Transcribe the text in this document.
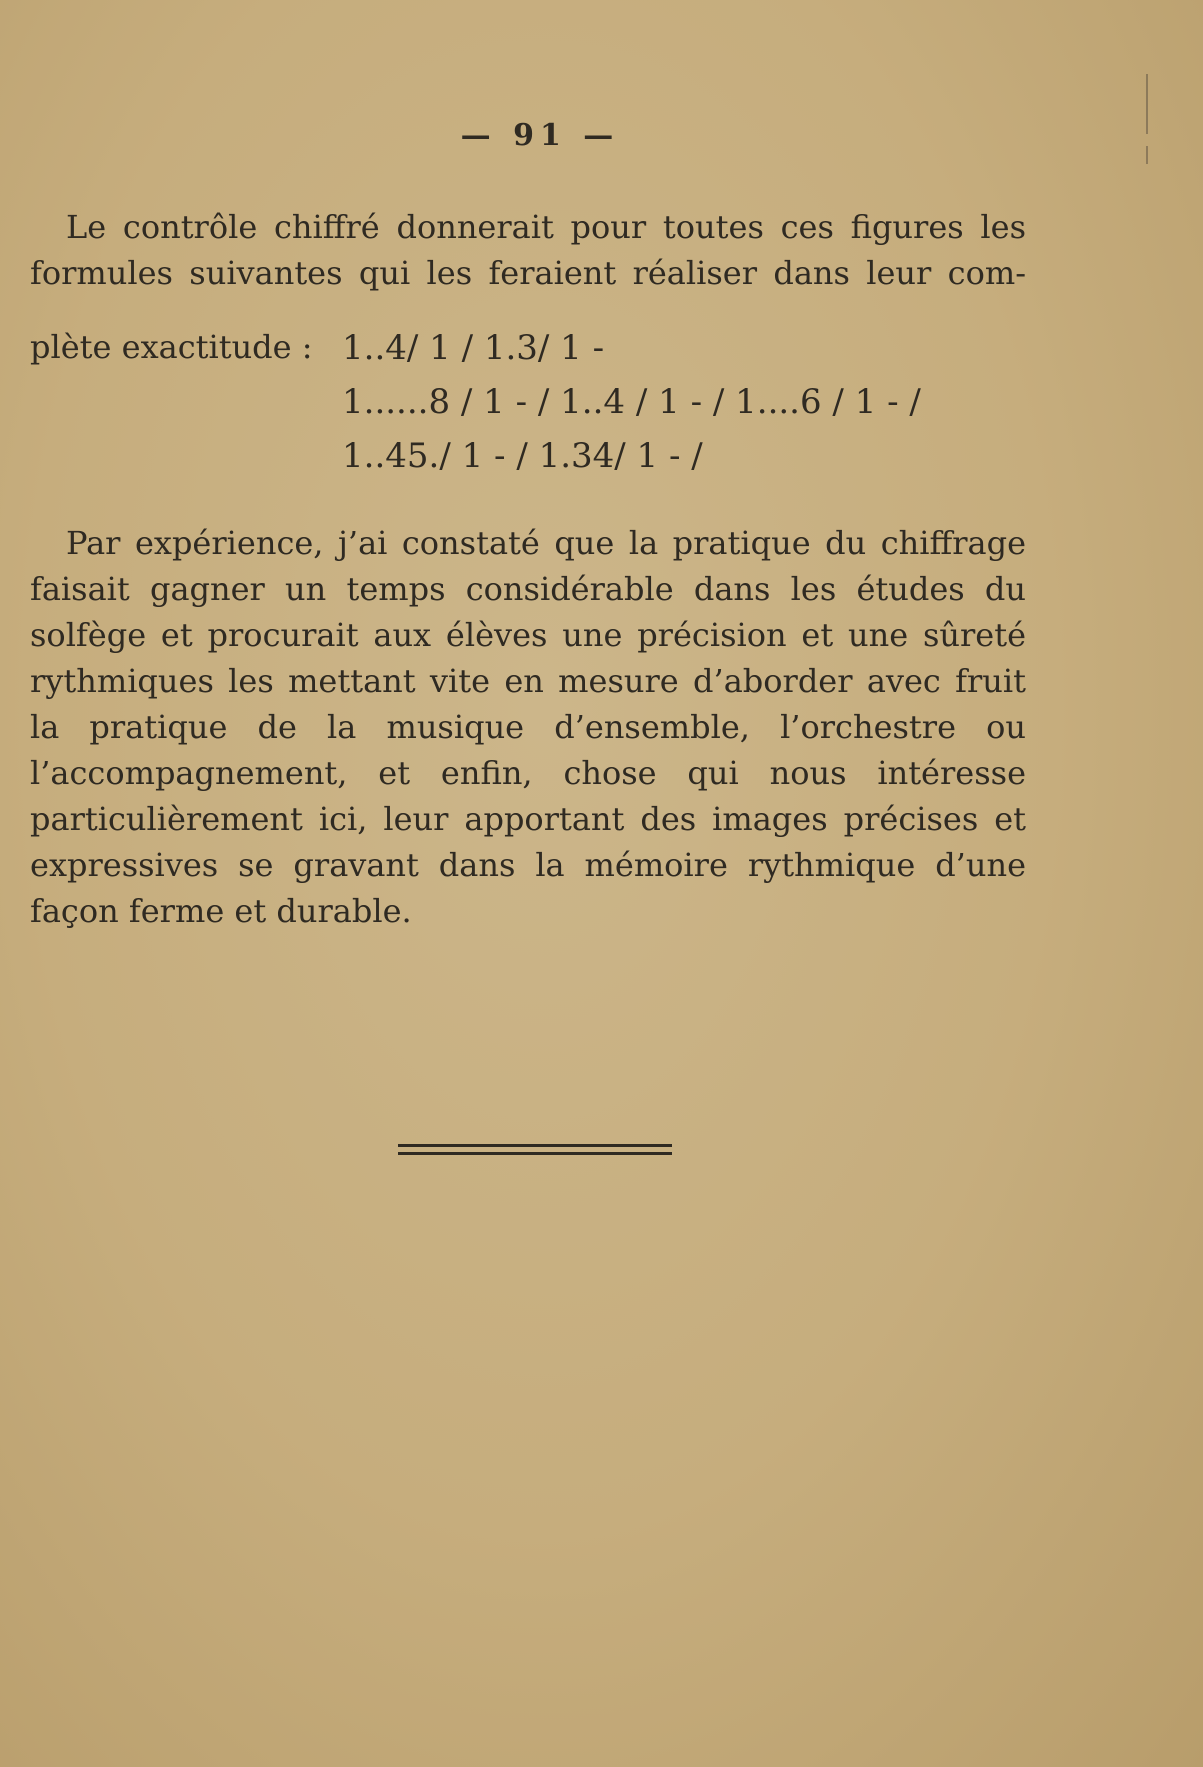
— 91 —

Le contrôle chiffré donnerait pour toutes ces figures les formules suivantes qui les feraient réaliser dans leur com-

plète exactitude : 1..4/ 1 / 1.3/ 1 -
1......8 / 1 - / 1..4 / 1 - / 1....6 / 1 - /
1..45./ 1 - / 1.34/ 1 - /

Par expérience, j’ai constaté que la pratique du chiffrage faisait gagner un temps considérable dans les études du solfège et procurait aux élèves une précision et une sûreté rythmiques les mettant vite en mesure d’aborder avec fruit la pratique de la musique d’ensemble, l’orchestre ou l’accompagnement, et enfin, chose qui nous intéresse particulièrement ici, leur apportant des images précises et expressives se gravant dans la mémoire rythmique d’une façon ferme et durable.
